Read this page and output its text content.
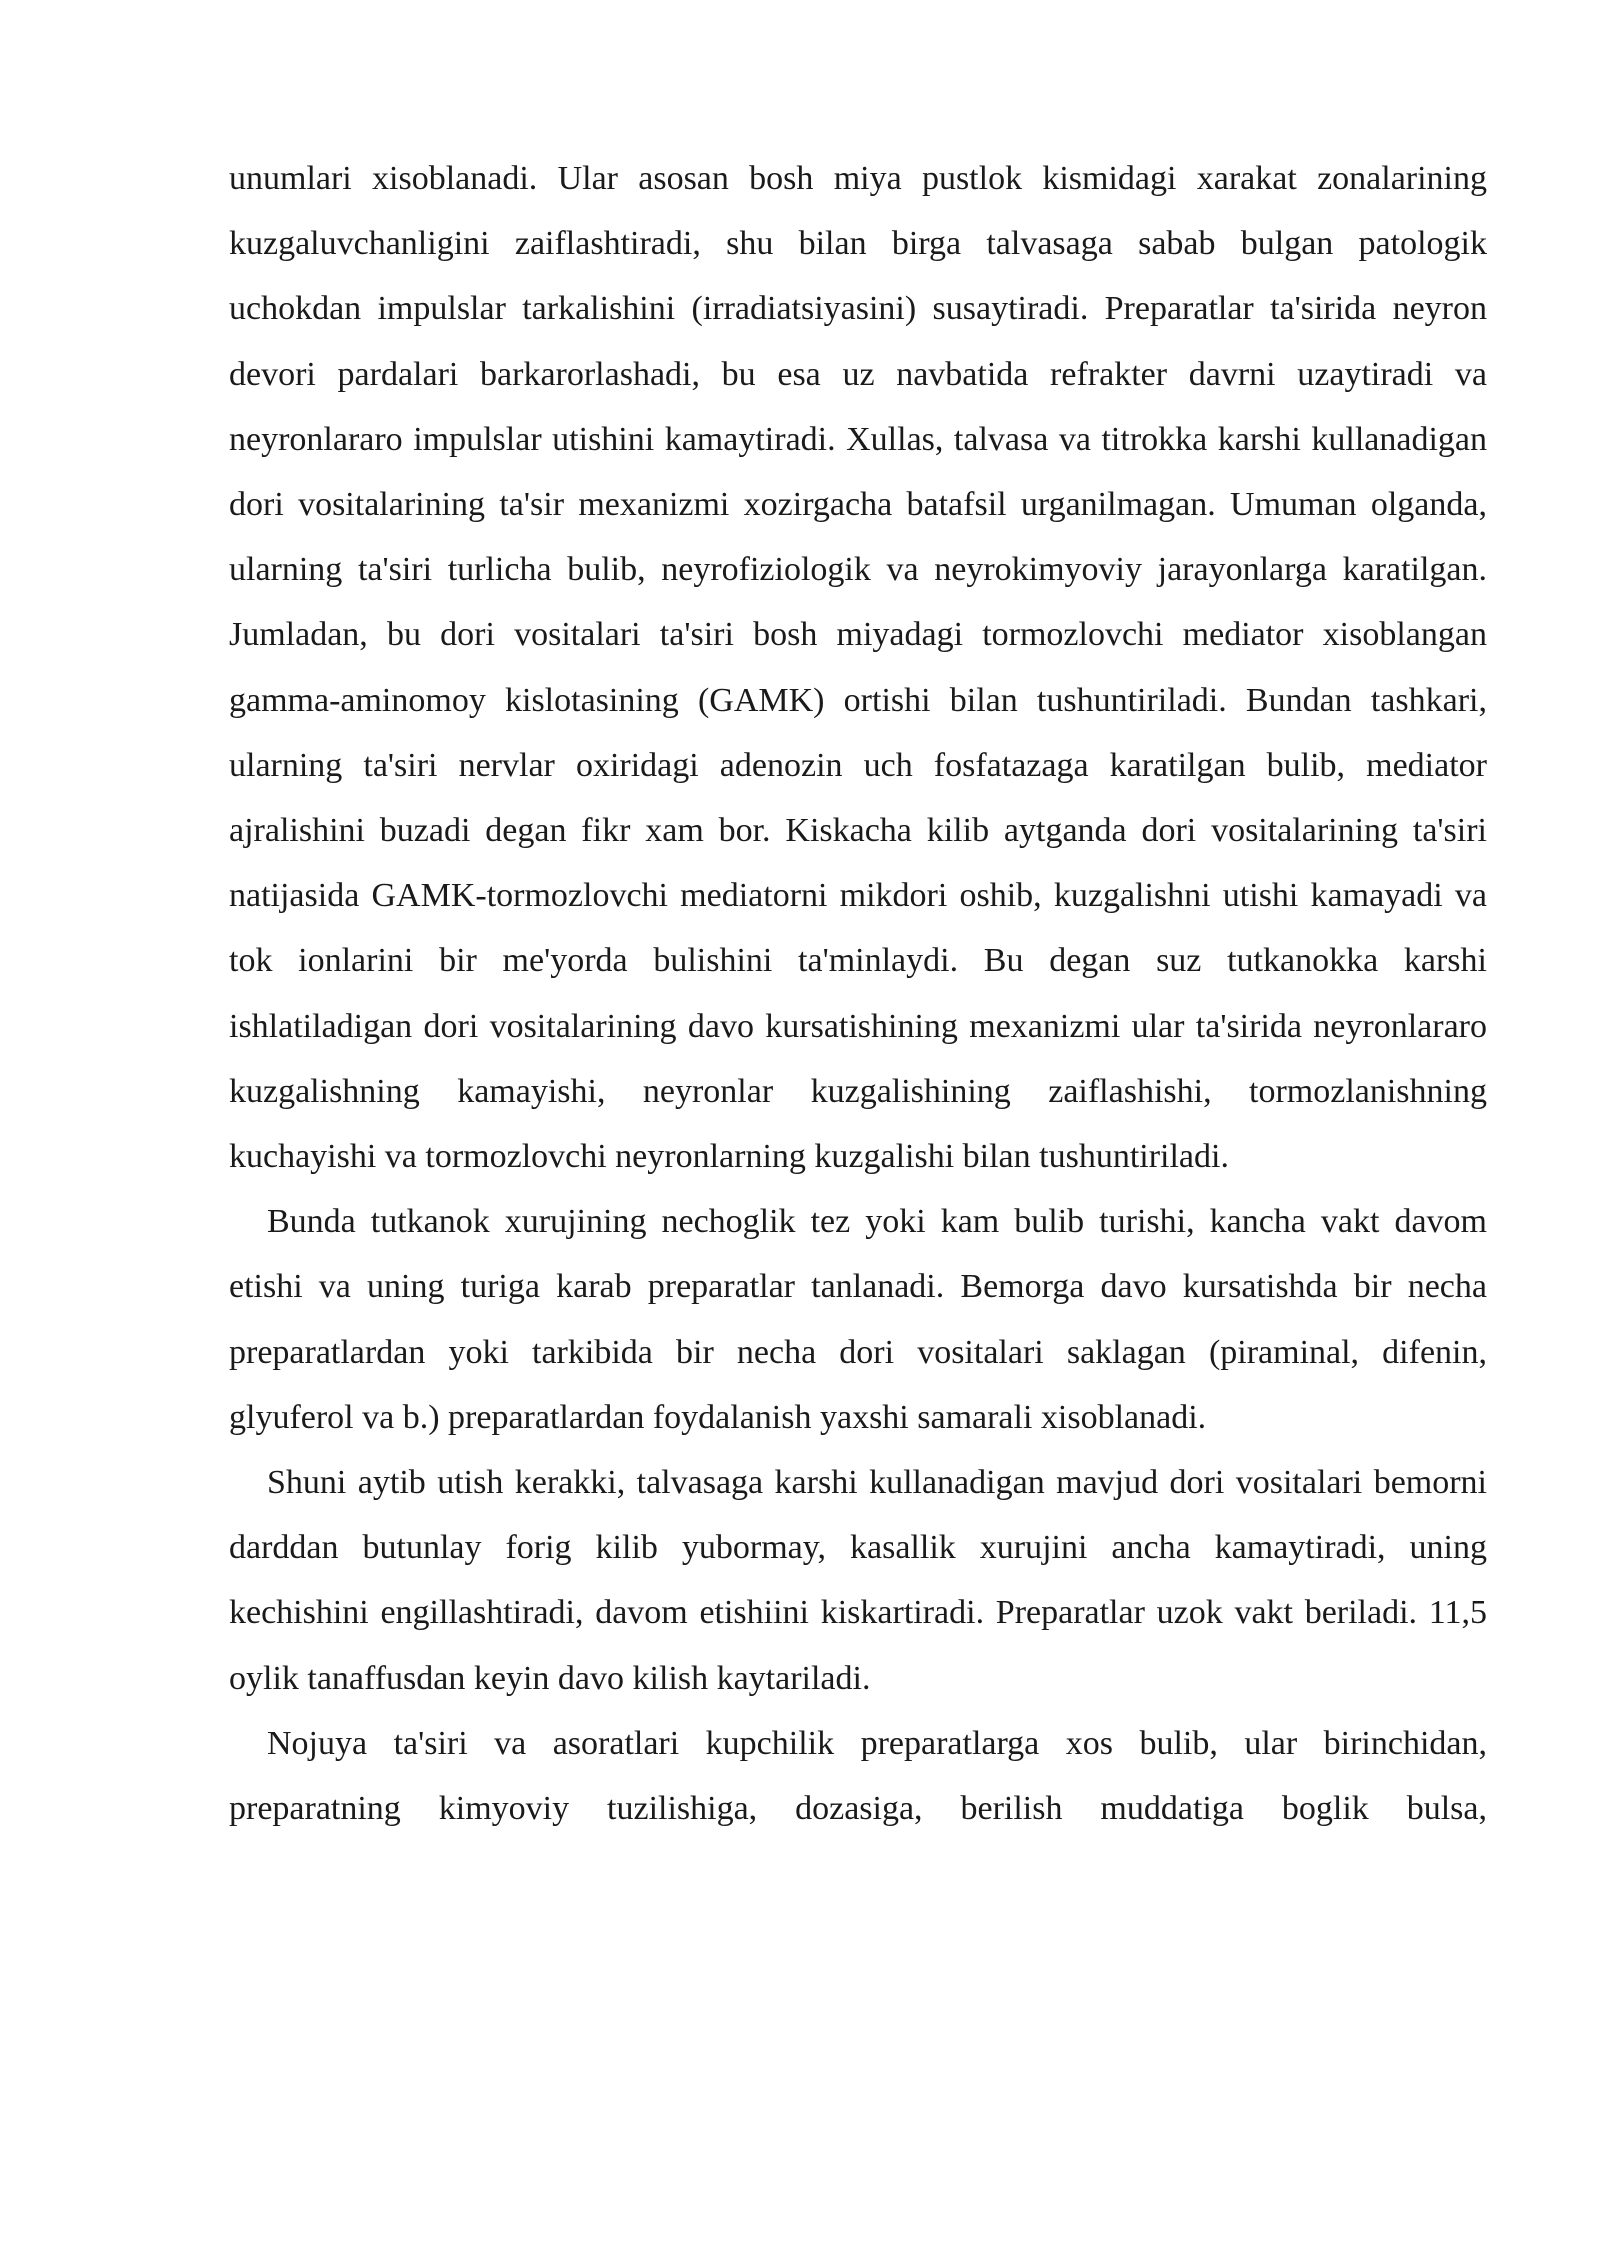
unumlari xisoblanadi. Ular asosan bosh miya pustlok kismidagi xarakat zonalarining kuzgaluvchanligini zaiflashtiradi, shu bilan birga talvasaga sabab bulgan patologik uchokdan impulslar tarkalishini (irradiatsiyasini) susaytiradi. Preparatlar ta'sirida neyron devori pardalari barkarorlashadi, bu esa uz navbatida refrakter davrni uzaytiradi va neyronlararo impulslar utishini kamaytiradi. Xullas, talvasa va titrokka karshi kullanadigan dori vositalarining ta'sir mexanizmi xozirgacha batafsil urganilmagan. Umuman olganda, ularning ta'siri turlicha bulib, neyrofiziologik va neyrokimyoviy jarayonlarga karatilgan. Jumladan, bu dori vositalari ta'siri bosh miyadagi tormozlovchi mediator xisoblangan gamma-aminomoy kislotasining (GAMK) ortishi bilan tushuntiriladi. Bundan tashkari, ularning ta'siri nervlar oxiridagi adenozin uch fosfatazaga karatilgan bulib, mediator ajralishini buzadi degan fikr xam bor. Kiskacha kilib aytganda dori vositalarining ta'siri natijasida GAMK-tormozlovchi mediatorni mikdori oshib, kuzgalishni utishi kamayadi va tok ionlarini bir me'yorda bulishini ta'minlaydi. Bu degan suz tutkanokka karshi ishlatiladigan dori vositalarining davo kursatishining mexanizmi ular ta'sirida neyronlararo kuzgalishning kamayishi, neyronlar kuzgalishining zaiflashishi, tormozlanishning kuchayishi va tormozlovchi neyronlarning kuzgalishi bilan tushuntiriladi.

Bunda tutkanok xurujining nechoglik tez yoki kam bulib turishi, kancha vakt davom etishi va uning turiga karab preparatlar tanlanadi. Bemorga davo kursatishda bir necha preparatlardan yoki tarkibida bir necha dori vositalari saklagan (piraminal, difenin, glyuferol va b.) preparatlardan foydalanish yaxshi samarali xisoblanadi.

Shuni aytib utish kerakki, talvasaga karshi kullanadigan mavjud dori vositalari bemorni darddan butunlay forig kilib yubormay, kasallik xurujini ancha kamaytiradi, uning kechishini engillashtiradi, davom etishiini kiskartiradi. Preparatlar uzok vakt beriladi. 11,5 oylik tanaffusdan keyin davo kilish kaytariladi.

Nojuya ta'siri va asoratlari kupchilik preparatlarga xos bulib, ular birinchidan, preparatning kimyoviy tuzilishiga, dozasiga, berilish muddatiga boglik bulsa,
